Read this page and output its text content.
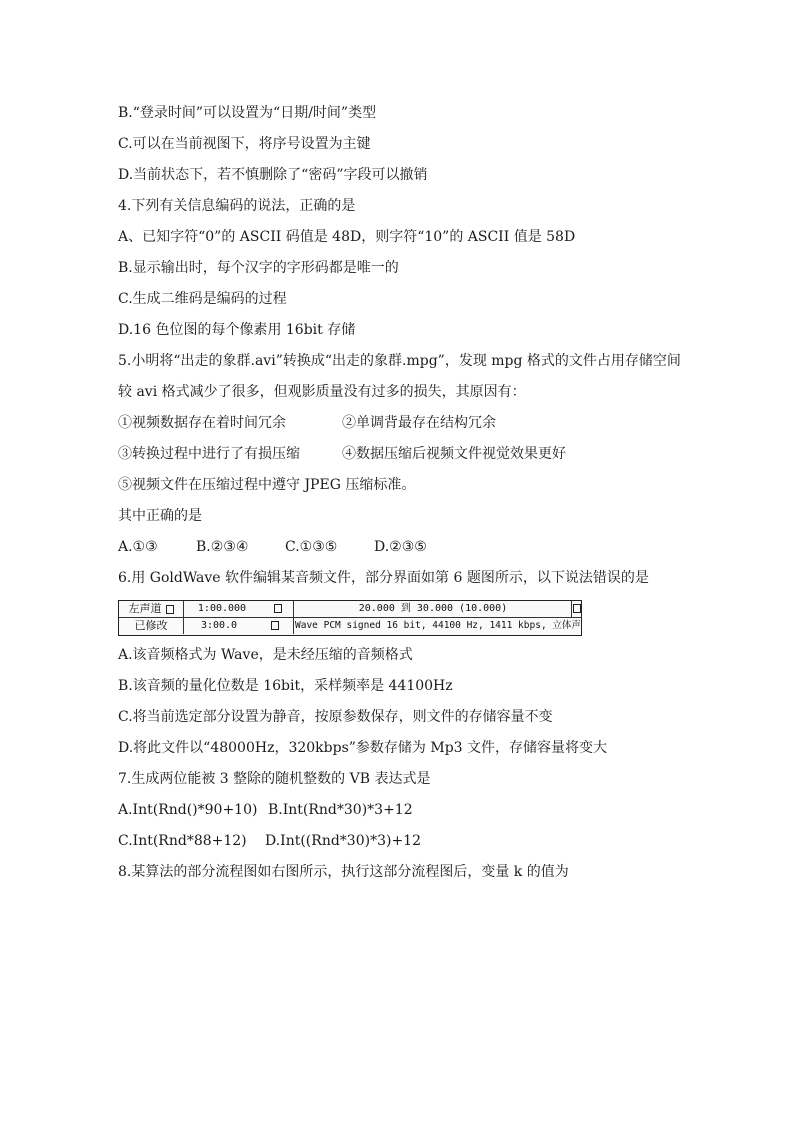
B.“登录时间”可以设置为“日期/时间”类型
C.可以在当前视图下，将序号设置为主键
D.当前状态下，若不慎删除了“密码”字段可以撤销
4.下列有关信息编码的说法，正确的是
A、已知字符“0”的 ASCII 码值是 48D，则字符“10”的 ASCII 值是 58D
B.显示输出时，每个汉字的字形码都是唯一的
C.生成二维码是编码的过程
D.16 色位图的每个像素用 16bit 存储
5.小明将“出走的象群.avi”转换成“出走的象群.mpg”，发现 mpg 格式的文件占用存储空间
较 avi 格式减少了很多，但观影质量没有过多的损失，其原因有：
①视频数据存在着时间冗余	②单调背最存在结构冗余
③转换过程中进行了有损压缩	④数据压缩后视频文件视觉效果更好
⑤视频文件在压缩过程中遵守 JPEG 压缩标准。
其中正确的是
A.①③	B.②③④	C.①③⑤	D.②③⑤
6.用 GoldWave 软件编辑某音频文件，部分界面如第 6 题图所示，以下说法错误的是
左声道	1:00.000	20.000 到 30.000 (10.000)
已修改	3:00.0	Wave PCM signed 16 bit, 44100 Hz, 1411 kbps, 立体声
A.该音频格式为 Wave，是未经压缩的音频格式
B.该音频的量化位数是 16bit，采样频率是 44100Hz
C.将当前选定部分设置为静音，按原参数保存，则文件的存储容量不变
D.将此文件以“48000Hz，320kbps”参数存储为 Mp3 文件，存储容量将变大
7.生成两位能被 3 整除的随机整数的 VB 表达式是
A.Int(Rnd()*90+10) B.Int(Rnd*30)*3+12
C.Int(Rnd*88+12) D.Int((Rnd*30)*3)+12
8.某算法的部分流程图如右图所示，执行这部分流程图后，变量 k 的值为
